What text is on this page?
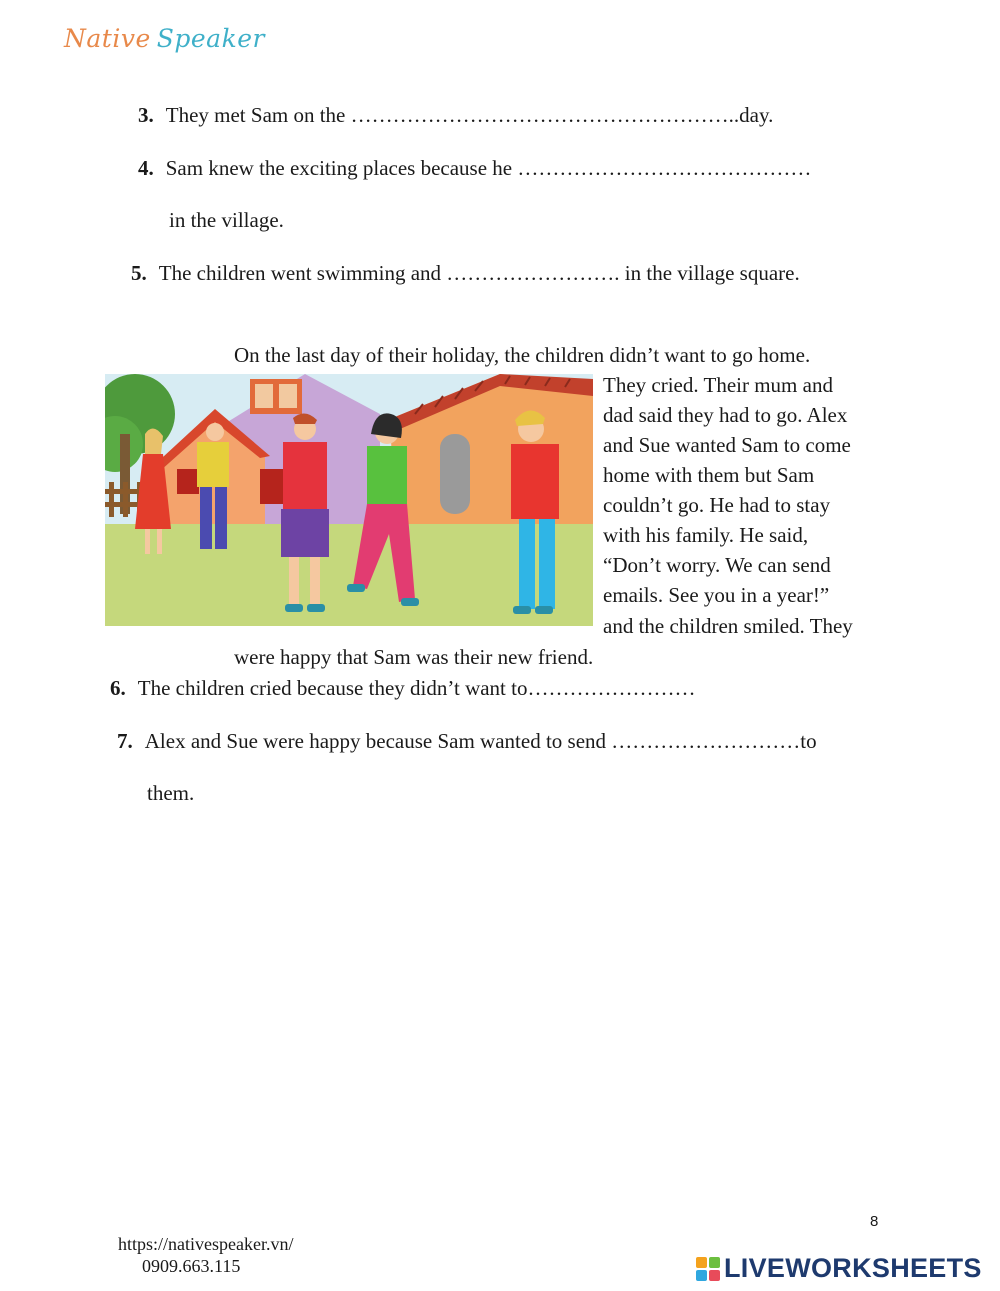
Native Speaker
3. They met Sam on the ………………………………………………..day.
4. Sam knew the exciting places because he ……………………………………
in the village.
5. The children went swimming and ……………………. in the village square.
On the last day of their holiday, the children didn’t want to go home.
They cried. Their mum and
dad said they had to go. Alex
and Sue wanted Sam to come
home with them but Sam
couldn’t go. He had to stay
with his family. He said,
“Don’t worry. We can send
emails. See you in a year!”
and the children smiled. They
were happy that Sam was their new friend.
6. The children cried because they didn’t want to……………………
7. Alex and Sue were happy because Sam wanted to send ………………………to
them.
8
https://nativespeaker.vn/
0909.663.115	LIVEWORKSHEETS
